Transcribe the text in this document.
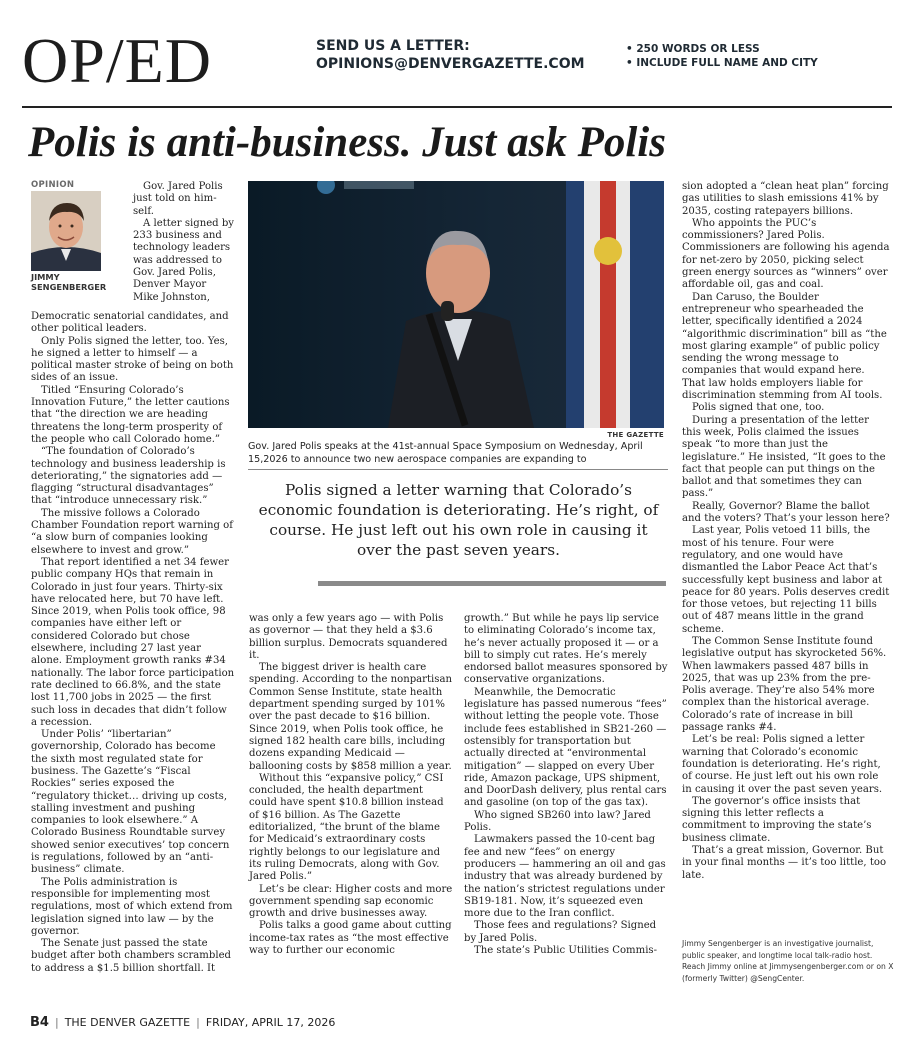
OP/ED	SEND US A LETTER:
OPINIONS@DENVERGAZETTE.COM
• 250 WORDS OR LESS
• INCLUDE FULL NAME AND CITY
Polis is anti-business. Just ask Polis
OPINION
JIMMY
SENGENBERGER

Gov. Jared Polis just told on him-self.

A letter signed by 233 business and technology leaders was addressed to Gov. Jared Polis, Denver Mayor Mike Johnston,

Democratic senatorial candidates, and other political leaders.

Only Polis signed the letter, too. Yes, he signed a letter to himself — a political master stroke of being on both sides of an issue.

Titled “Ensuring Colorado’s Innovation Future,” the letter cautions that “the direction we are heading threatens the long-term prosperity of the people who call Colorado home.”

“The foundation of Colorado’s technology and business leadership is deteriorating,” the signatories add — flagging “structural disadvantages” that “introduce unnecessary risk.”

The missive follows a Colorado Chamber Foundation report warning of “a slow burn of companies looking elsewhere to invest and grow.”

That report identified a net 34 fewer public company HQs that remain in Colorado in just four years. Thirty-six have relocated here, but 70 have left. Since 2019, when Polis took office, 98 companies have either left or considered Colorado but chose elsewhere, including 27 last year alone. Employment growth ranks #34 nationally. The labor force participation rate declined to 66.8%, and the state lost 11,700 jobs in 2025 — the first such loss in decades that didn’t follow a recession.

Under Polis’ “libertarian” governorship, Colorado has become the sixth most regulated state for business. The Gazette’s “Fiscal Rockies” series exposed the “regulatory thicket… driving up costs, stalling investment and pushing companies to look elsewhere.” A Colorado Business Roundtable survey showed senior executives’ top concern is regulations, followed by an “anti-business” climate.

The Polis administration is responsible for implementing most regulations, most of which extend from legislation signed into law — by the governor.

The Senate just passed the state budget after both chambers scrambled to address a $1.5 billion shortfall. It

THE GAZETTE
Gov. Jared Polis speaks at the 41st-annual Space Symposium on Wednesday, April 15,2026 to announce two new aerospace companies are expanding to
Polis signed a letter warning that Colorado’s economic foundation is deteriorating. He’s right, of course. He just left out his own role in causing it over the past seven years.

was only a few years ago — with Polis as governor — that they held a $3.6 billion surplus. Democrats squandered it.

The biggest driver is health care spending. According to the nonpartisan Common Sense Institute, state health department spending surged by 101% over the past decade to $16 billion. Since 2019, when Polis took office, he signed 182 health care bills, including dozens expanding Medicaid — ballooning costs by $858 million a year.

Without this “expansive policy,” CSI concluded, the health department could have spent $10.8 billion instead of $16 billion. As The Gazette editorialized, “the brunt of the blame for Medicaid’s extraordinary costs rightly belongs to our legislature and its ruling Democrats, along with Gov. Jared Polis.”

Let’s be clear: Higher costs and more government spending sap economic growth and drive businesses away.

Polis talks a good game about cutting income-tax rates as “the most effective way to further our economic

growth.” But while he pays lip service to eliminating Colorado’s income tax, he’s never actually proposed it — or a bill to simply cut rates. He’s merely endorsed ballot measures sponsored by conservative organizations.

Meanwhile, the Democratic legislature has passed numerous “fees” without letting the people vote. Those include fees established in SB21-260 — ostensibly for transportation but actually directed at “environmental mitigation” — slapped on every Uber ride, Amazon package, UPS shipment, and DoorDash delivery, plus rental cars and gasoline (on top of the gas tax).

Who signed SB260 into law? Jared Polis.

Lawmakers passed the 10-cent bag fee and new “fees” on energy producers — hammering an oil and gas industry that was already burdened by the nation’s strictest regulations under SB19-181. Now, it’s squeezed even more due to the Iran conflict.

Those fees and regulations? Signed by Jared Polis.

The state’s Public Utilities Commis-

sion adopted a “clean heat plan” forcing gas utilities to slash emissions 41% by 2035, costing ratepayers billions.

Who appoints the PUC’s commissioners? Jared Polis. Commissioners are following his agenda for net-zero by 2050, picking select green energy sources as “winners” over affordable oil, gas and coal.

Dan Caruso, the Boulder entrepreneur who spearheaded the letter, specifically identified a 2024 “algorithmic discrimination” bill as “the most glaring example” of public policy sending the wrong message to companies that would expand here. That law holds employers liable for discrimination stemming from AI tools.

Polis signed that one, too.

During a presentation of the letter this week, Polis claimed the issues speak “to more than just the legislature.” He insisted, “It goes to the fact that people can put things on the ballot and that sometimes they can pass.”

Really, Governor? Blame the ballot and the voters? That’s your lesson here?

Last year, Polis vetoed 11 bills, the most of his tenure. Four were regulatory, and one would have dismantled the Labor Peace Act that’s successfully kept business and labor at peace for 80 years. Polis deserves credit for those vetoes, but rejecting 11 bills out of 487 means little in the grand scheme.

The Common Sense Institute found legislative output has skyrocketed 56%. When lawmakers passed 487 bills in 2025, that was up 23% from the pre-Polis average. They’re also 54% more complex than the historical average. Colorado’s rate of increase in bill passage ranks #4.

Let’s be real: Polis signed a letter warning that Colorado’s economic foundation is deteriorating. He’s right, of course. He just left out his own role in causing it over the past seven years.

The governor’s office insists that signing this letter reflects a commitment to improving the state’s business climate.

That’s a great mission, Governor. But in your final months — it’s too little, too late.

Jimmy Sengenberger is an investigative journalist, public speaker, and longtime local talk-radio host. Reach Jimmy online at Jimmysengenberger.com or on X (formerly Twitter) @SengCenter.
B4 | THE DENVER GAZETTE | FRIDAY, APRIL 17, 2026
